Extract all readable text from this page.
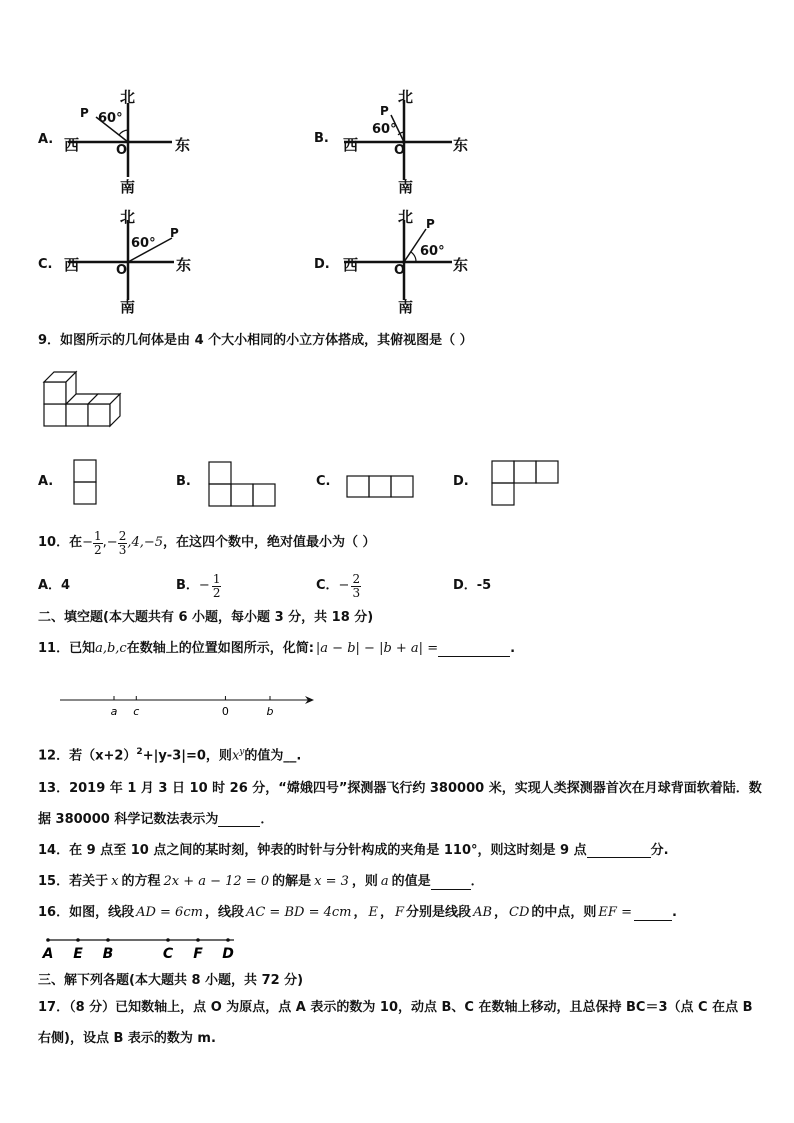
A.
北
南
西	东
O
P 60°
B.
北
南
西	东
O
P
60°
C.
北
南
西	东
O
P
60°
D.
北
南
西	东
O
P
60°
9．如图所示的几何体是由 4 个大小相同的小立方体搭成，其俯视图是（ ）
A.	B.	C.	D.
10．在 − $\frac{1}{2}$ , − $\frac{2}{3} ,4,-5$ ，在这四个数中，绝对值最小为（ ）
A．4	B． − $\frac{1}{2}$	C． − $\frac{2}{3}$	D．-5
二、填空题(本大题共有 6 小题，每小题 3 分，共 18 分)
11．已知 a,b,c 在数轴上的位置如图所示，化简: |a − b| − |b + a| =	.
a c	0	b
12．若$(x+2)^2+|y-3|=0$，则$x^y$的值为__.
13．2019 年 1 月 3 日 10 时 26 分，“嫦娥四号”探测器飞行约 380000 米，实现人类探测器首次在月球背面软着陆．数
据 380000 科学记数法表示为	．
14．在 9 点至 10 点之间的某时刻，钟表的时针与分针构成的夹角是 110°，则这时刻是 9 点	分.
15．若关于 x 的方程 2x + a − 12 = 0 的解是 x = 3 ，则 a 的值是	．
16．如图，线段 AD = 6cm ，线段 AC = BD = 4cm ， E ， F 分别是线段 AB ， CD 的中点，则 EF =	.
A E B	C F D
三、解下列各题(本大题共 8 小题，共 72 分)
17．（8 分）已知数轴上，点 O 为原点，点 A 表示的数为 10，动点 B、C 在数轴上移动，且总保持 BC＝3（点 C 在点 B
右侧)，设点 B 表示的数为 m.
